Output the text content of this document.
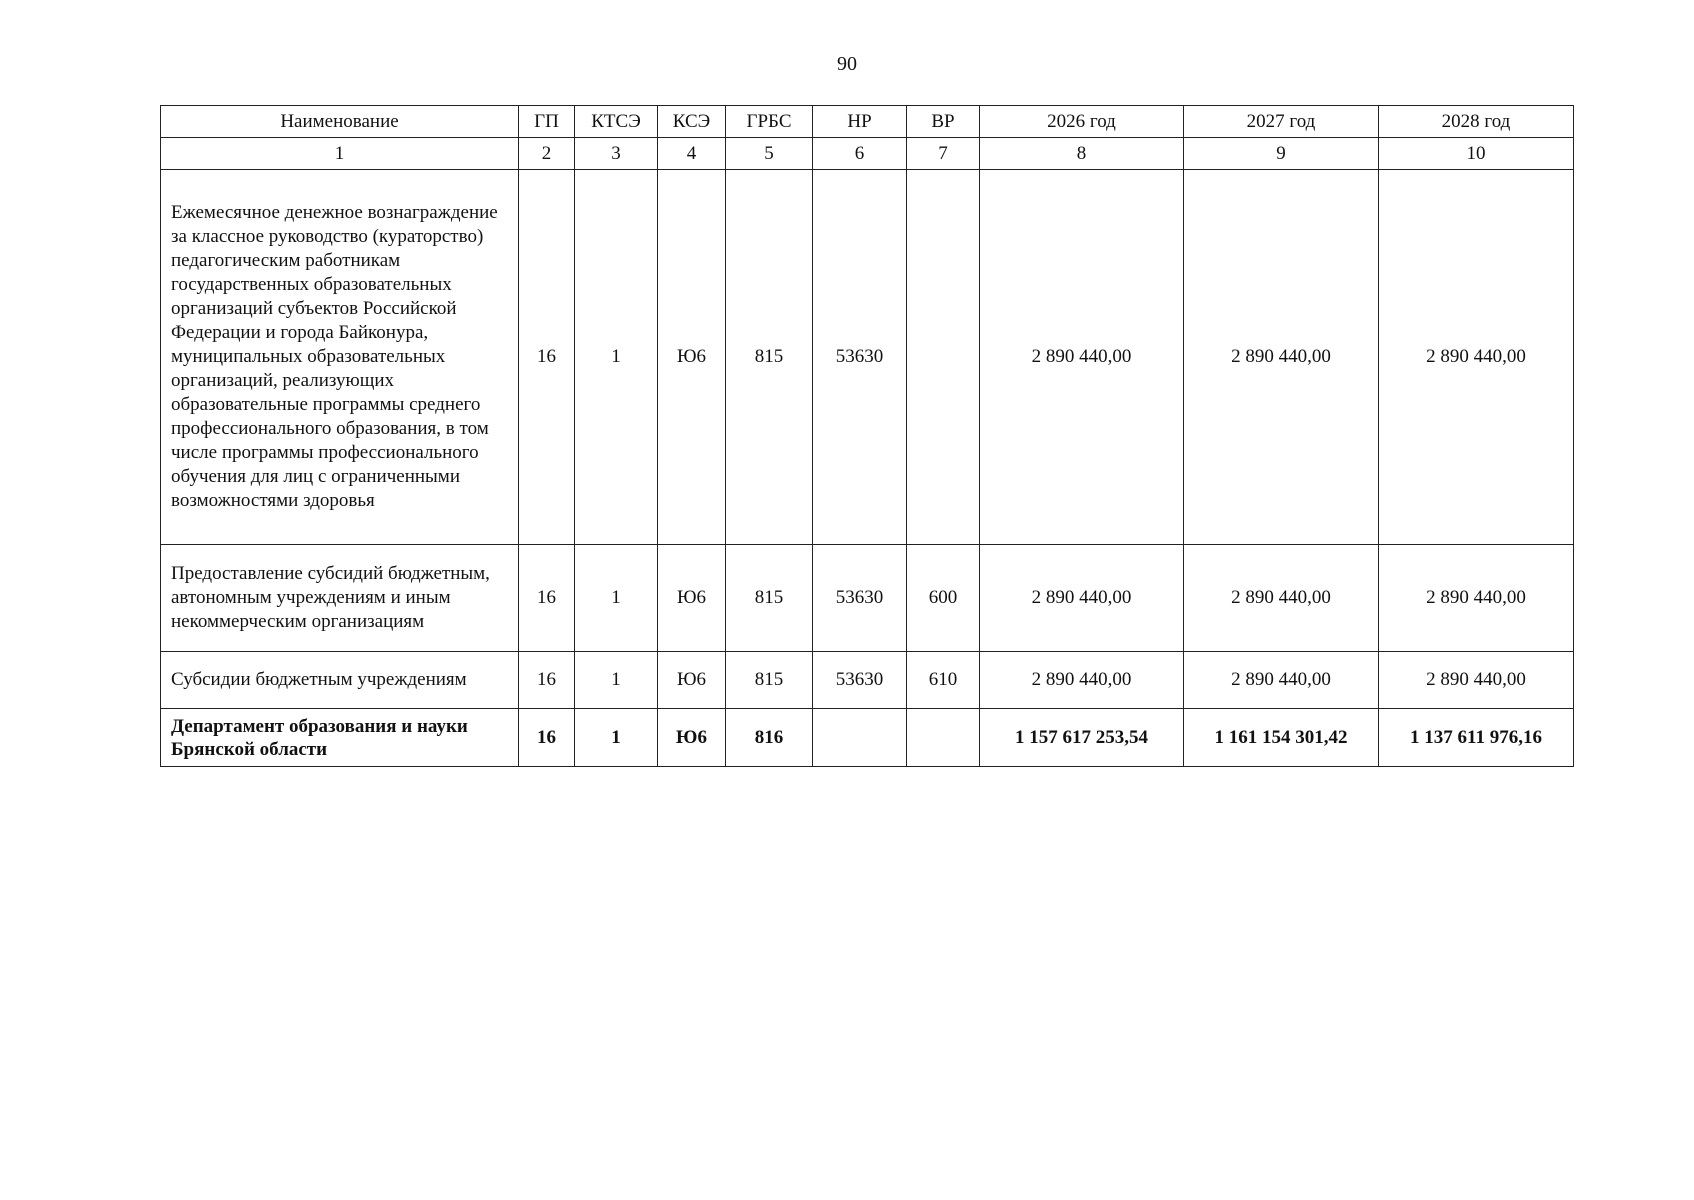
90
Наименование	ГП	КТСЭ	КСЭ	ГРБС	НР	ВР	2026 год	2027 год	2028 год
1	2	3	4	5	6	7	8	9	10
Ежемесячное денежное вознаграждение за классное руководство (кураторство) педагогическим работникам государственных образовательных организаций субъектов Российской Федерации и города Байконура, муниципальных образовательных организаций, реализующих образовательные программы среднего профессионального образования, в том числе программы профессионального обучения для лиц с ограниченными возможностями здоровья	16	1	Ю6	815	53630		2 890 440,00	2 890 440,00	2 890 440,00
Предоставление субсидий бюджетным, автономным учреждениям и иным некоммерческим организациям	16	1	Ю6	815	53630	600	2 890 440,00	2 890 440,00	2 890 440,00
Субсидии бюджетным учреждениям	16	1	Ю6	815	53630	610	2 890 440,00	2 890 440,00	2 890 440,00
Департамент образования и науки Брянской области	16	1	Ю6	816			1 157 617 253,54	1 161 154 301,42	1 137 611 976,16
